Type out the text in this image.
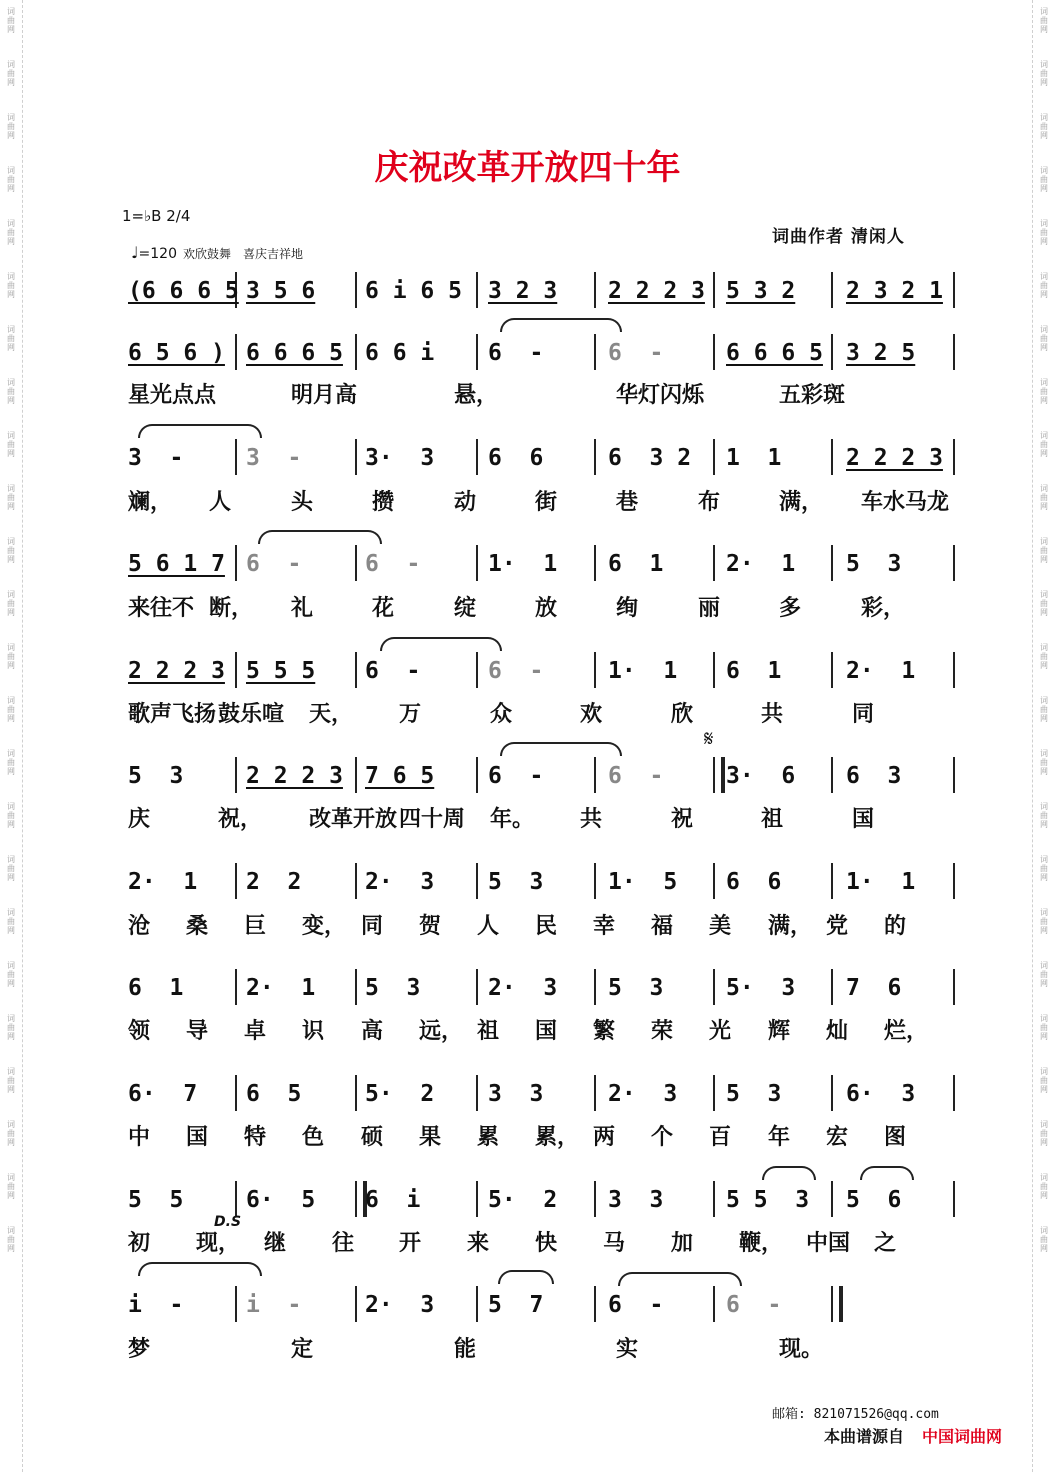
词
曲
网
词
曲
网
词
曲
网
词
曲
网
词
曲
网
词
曲
网
词
曲
网
词
曲
网
词
曲
网
词
曲
网
词
曲
网
词
曲
网
词
曲
网
词
曲
网
词
曲
网
词
曲
网
词
曲
网
词
曲
网
词
曲
网
词
曲
网
词
曲
网
词
曲
网
词
曲
网
词
曲
网
词
曲
网
词
曲
网
词
曲
网
词
曲
网
词
曲
网
词
曲
网
词
曲
网
词
曲
网
词
曲
网
词
曲
网
词
曲
网
词
曲
网
词
曲
网
词
曲
网
词
曲
网
词
曲
网
词
曲
网
词
曲
网
词
曲
网
词
曲
网
词
曲
网
词
曲
网
词
曲
网
词
曲
网
庆祝改革开放四十年
1=♭B 2/4
♩=120 欢欣鼓舞　喜庆吉祥地
词曲作者 清闲人
(6 6 6 5 3 5 6 6 i 6 5 3 2 3 2 2 2 3 5 3 2 2 3 2 1
6 5 6 ) 6 6 6 5 6 6 i 6  -	6  -	6 6 6 5 3 2 5
星光点点	明月高	悬，	华灯闪烁	五彩斑
3  -	3  -	3·  3 6  6	6  3 2 1  1	2 2 2 3
斓， 人	头	攒	动	街	巷	布	满， 车水马龙
5 6 1 7 6  -	6  -	1·  1 6  1	2·  1 5  3
来往不 断， 礼	花	绽	放	绚	丽	多	彩，
2 2 2 3 5 5 5 6  -	6  -	1·  1 6  1	2·  1
歌声飞扬 鼓乐喧 天， 万	众	欢	欣	共	同
5  3	2 2 2 3 7 6 5 6  -	6  -	3·  6 6  3
庆	祝， 改革开放 四十周 年。 共	祝	祖	国
2·  1 2  2	2·  3 5  3	1·  5 6  6	1·  1
沧 桑 巨 变， 同 贺 人 民 幸 福 美 满， 党 的
6  1	2·  1 5  3	2·  3 5  3	5·  3 7  6
领 导 卓 识 高 远， 祖 国 繁 荣 光 辉 灿 烂，
6·  7 6  5	5·  2 3  3	2·  3 5  3	6·  3
中 国 特 色 硕 果 累 累， 两 个 百 年 宏 图
5  5	6·  5 6  i	5·  2 3  3	5 5  3 5  6
初 现， 继 往 开 来 快 马 加 鞭， 中国 之
i  -	i  -	2·  3 5  7	6  -	6  -
梦	定	能	实	现。
𝄋
D.S
邮箱: 821071526@qq.com
本曲谱源自 中国词曲网
